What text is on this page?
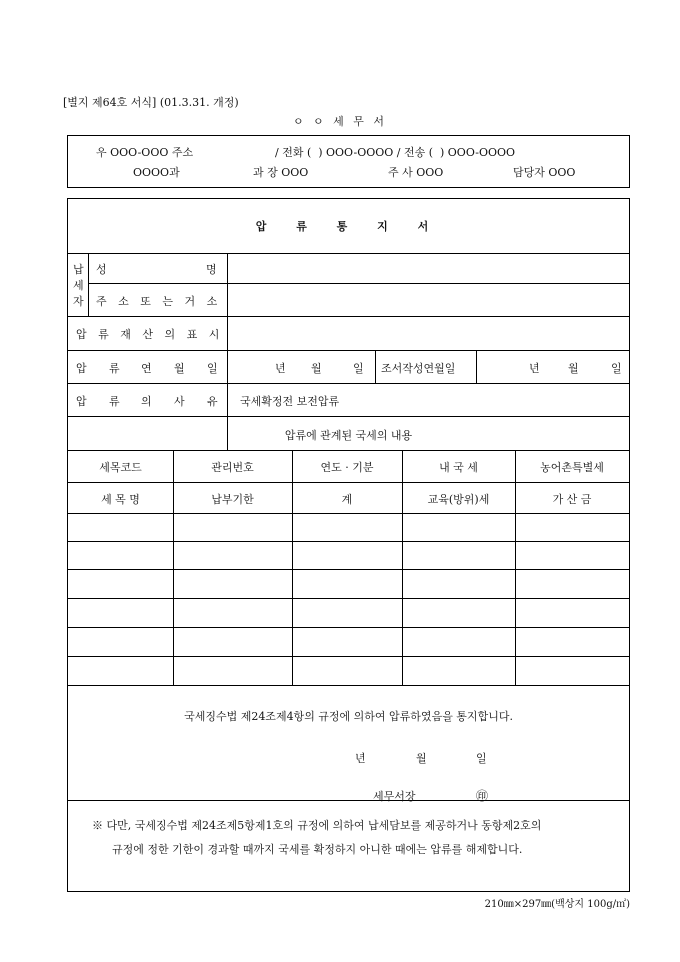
[별지 제64호 서식] (01.3.31. 개정)
ㅇ ㅇ 세 무 서
우 OOO-OOO 주소	/ 전화 (  ) OOO-OOOO / 전송 (  ) OOO-OOOO
OOOO과	과 장 OOO	주 사 OOO	담당자 OOO
압 류 통 지 서
납
세
자
성	명
주 소 또 는 거 소
압 류 재 산 의 표 시
압 류 연 월 일	년 월	일 조서작성연월일	년	월	일
압 류 의 사 유 국세확정전 보전압류
압류에 관계된 국세의 내용
세목코드	관리번호	연도 · 기분	내 국 세	농어촌특별세
세 목 명	납부기한	계	교육(방위)세	가 산 금
국세징수법 제24조제4항의 규정에 의하여 압류하였음을 통지합니다.
년	월	일
세무서장	㊞
※ 다만, 국세징수법 제24조제5항제1호의 규정에 의하여 납세담보를 제공하거나 동항제2호의
규정에 정한 기한이 경과할 때까지 국세를 확정하지 아니한 때에는 압류를 해제합니다.
210㎜×297㎜(백상지 100g/㎡)
